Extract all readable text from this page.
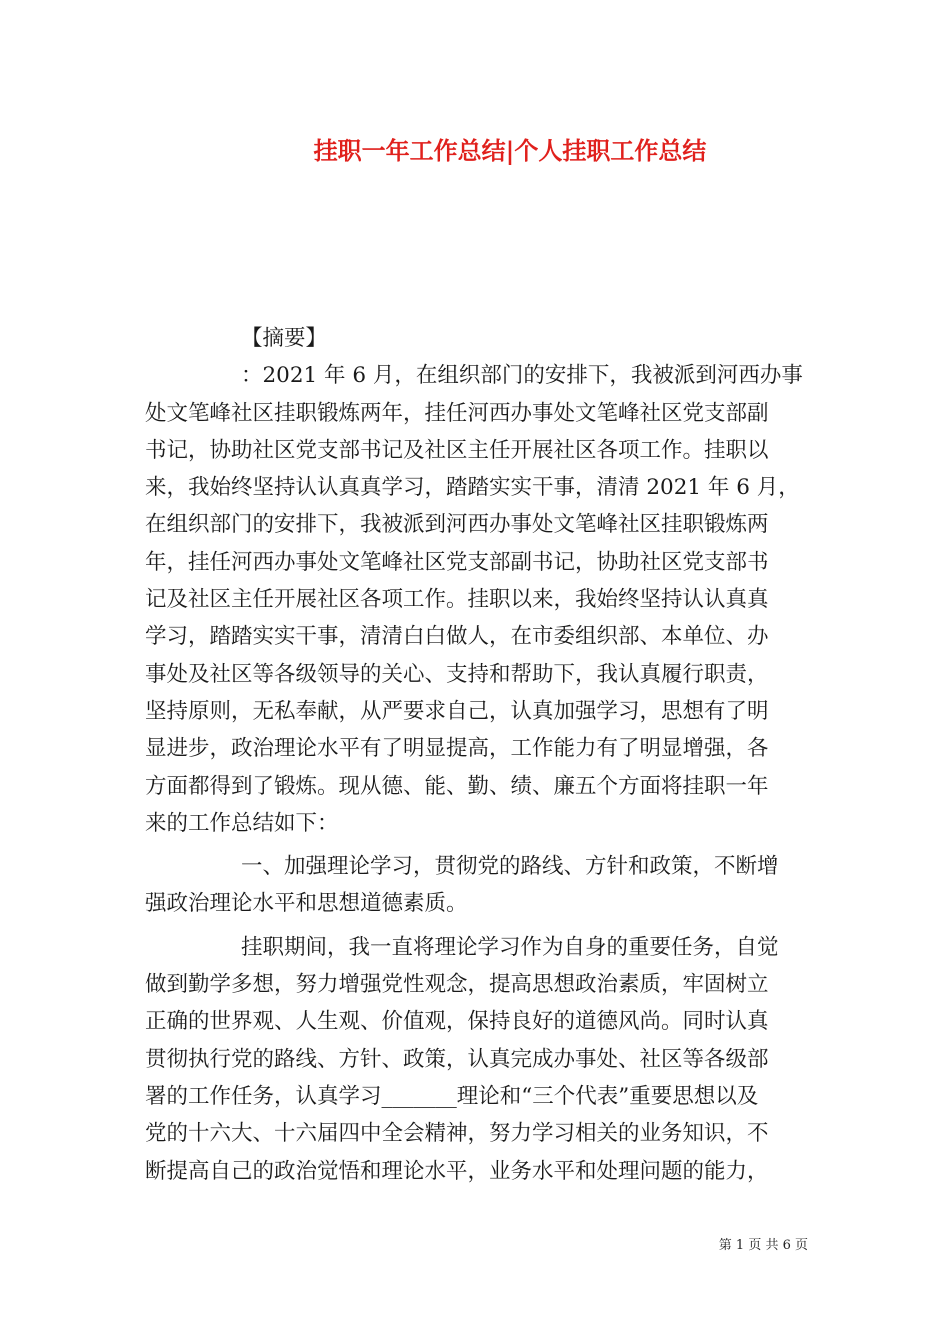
挂职一年工作总结|个人挂职工作总结
【摘要】
：2021 年 6 月，在组织部门的安排下，我被派到河西办事
处文笔峰社区挂职锻炼两年，挂任河西办事处文笔峰社区党支部副
书记，协助社区党支部书记及社区主任开展社区各项工作。挂职以
来，我始终坚持认认真真学习，踏踏实实干事，清清 2021 年 6 月，
在组织部门的安排下，我被派到河西办事处文笔峰社区挂职锻炼两
年，挂任河西办事处文笔峰社区党支部副书记，协助社区党支部书
记及社区主任开展社区各项工作。挂职以来，我始终坚持认认真真
学习，踏踏实实干事，清清白白做人，在市委组织部、本单位、办
事处及社区等各级领导的关心、支持和帮助下，我认真履行职责，
坚持原则，无私奉献，从严要求自己，认真加强学习，思想有了明
显进步，政治理论水平有了明显提高，工作能力有了明显增强，各
方面都得到了锻炼。现从德、能、勤、绩、廉五个方面将挂职一年
来的工作总结如下：
一、加强理论学习，贯彻党的路线、方针和政策，不断增
强政治理论水平和思想道德素质。
挂职期间，我一直将理论学习作为自身的重要任务，自觉
做到勤学多想，努力增强党性观念，提高思想政治素质，牢固树立
正确的世界观、人生观、价值观，保持良好的道德风尚。同时认真
贯彻执行党的路线、方针、政策，认真完成办事处、社区等各级部
署的工作任务，认真学习_______理论和“三个代表”重要思想以及
党的十六大、十六届四中全会精神，努力学习相关的业务知识，不
断提高自己的政治觉悟和理论水平，业务水平和处理问题的能力，
第 1 页 共 6 页
